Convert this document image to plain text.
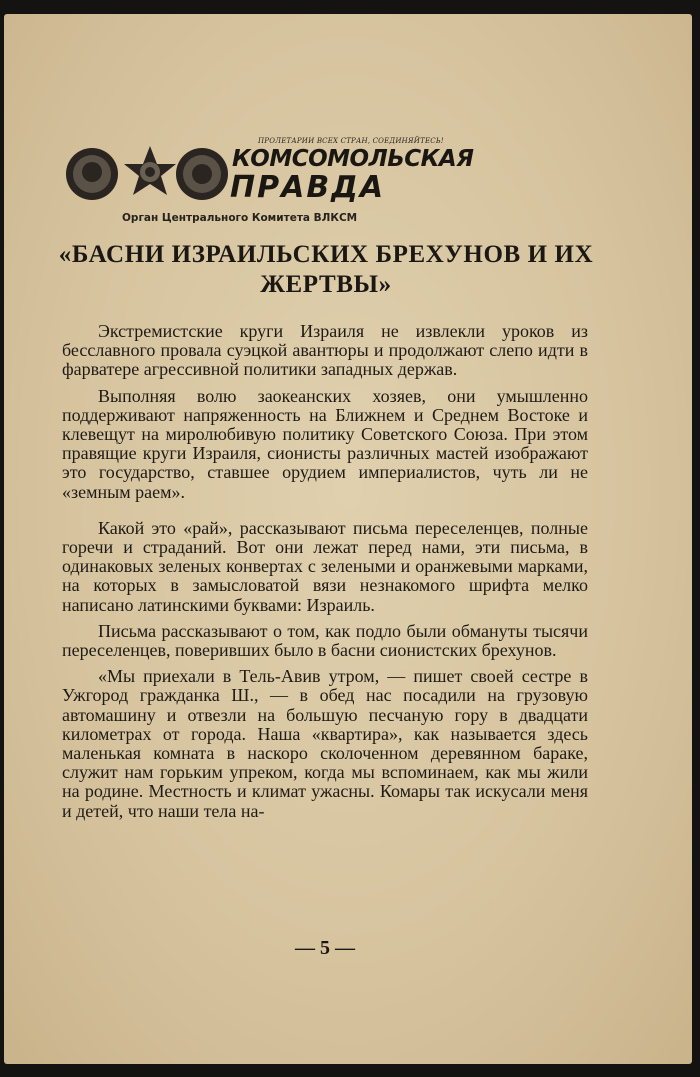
ПРОЛЕТАРИИ ВСЕХ СТРАН, СОЕДИНЯЙТЕСЬ!
КОМСОМОЛЬСКАЯ
ПРАВДА
Орган Центрального Комитета ВЛКСМ
«БАСНИ ИЗРАИЛЬСКИХ БРЕХУНОВ И ИХ ЖЕРТВЫ»

Экстремистские круги Израиля не извлекли уроков из бесславного провала суэцкой авантюры и продолжают слепо идти в фарватере агрессивной политики западных держав.

Выполняя волю заокеанских хозяев, они умышленно поддерживают напряженность на Ближнем и Среднем Востоке и клевещут на миролюбивую политику Советского Союза. При этом правящие круги Израиля, сионисты различных мастей изображают это государство, ставшее орудием империалистов, чуть ли не «земным раем».

Какой это «рай», рассказывают письма переселенцев, полные горечи и страданий. Вот они лежат перед нами, эти письма, в одинаковых зеленых конвертах с зелеными и оранжевыми марками, на которых в замысловатой вязи незнакомого шрифта мелко написано латинскими буквами: Израиль.

Письма рассказывают о том, как подло были обмануты тысячи переселенцев, поверивших было в басни сионистских брехунов.

«Мы приехали в Тель-Авив утром, — пишет своей сестре в Ужгород гражданка Ш., — в обед нас посадили на грузовую автомашину и отвезли на большую песчаную гору в двадцати километрах от города. Наша «квартира», как называется здесь маленькая комната в наскоро сколоченном деревянном бараке, служит нам горьким упреком, когда мы вспоминаем, как мы жили на родине. Местность и климат ужасны. Комары так искусали меня и детей, что наши тела на-

— 5 —
